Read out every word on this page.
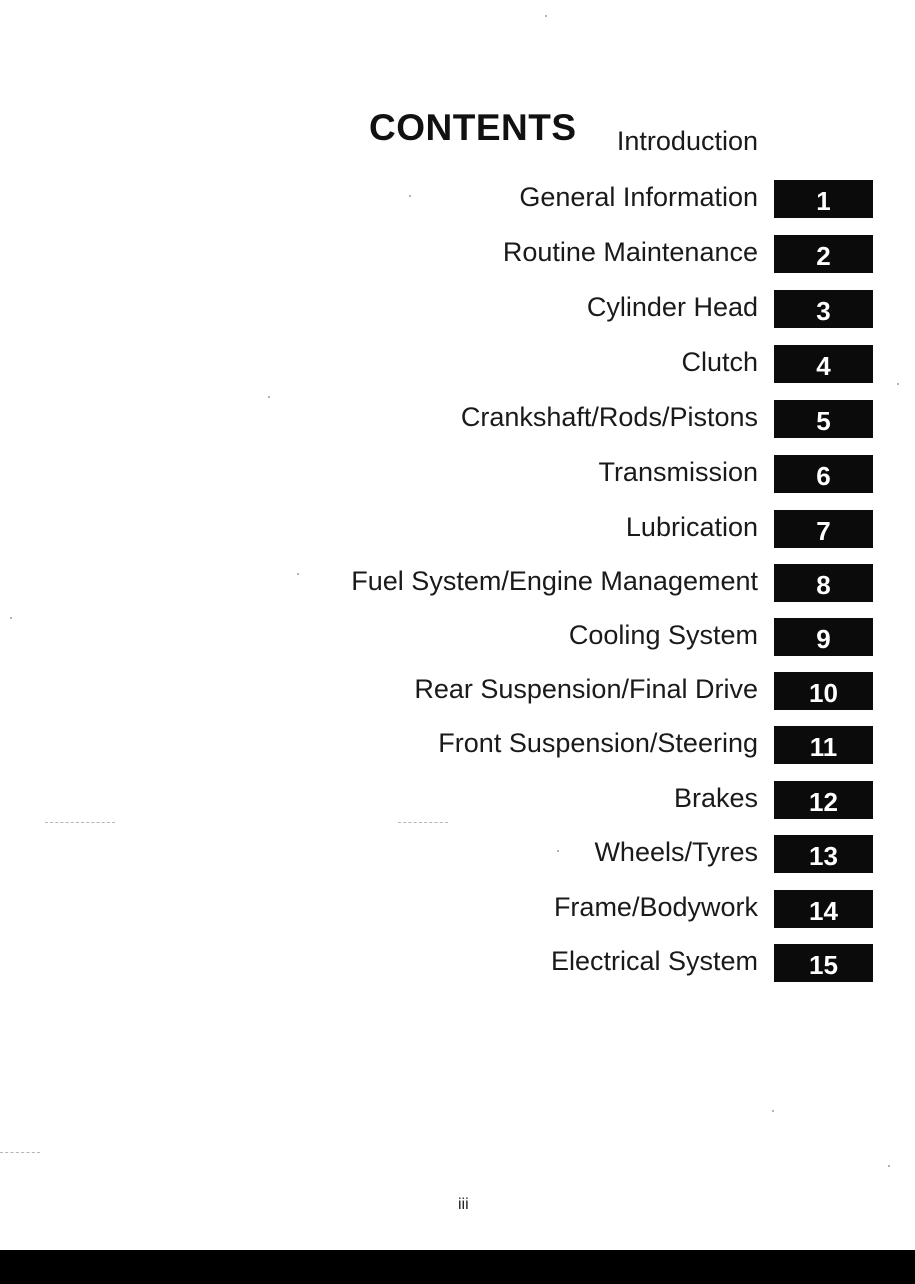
CONTENTS Introduction
General Information	1
Routine Maintenance	2
Cylinder Head	3
Clutch	4
Crankshaft/Rods/Pistons	5
Transmission	6
Lubrication	7
Fuel System/Engine Management	8
Cooling System	9
Rear Suspension/Final Drive	10
Front Suspension/Steering	11
Brakes	12
Wheels/Tyres	13
Frame/Bodywork	14
Electrical System	15
iii
